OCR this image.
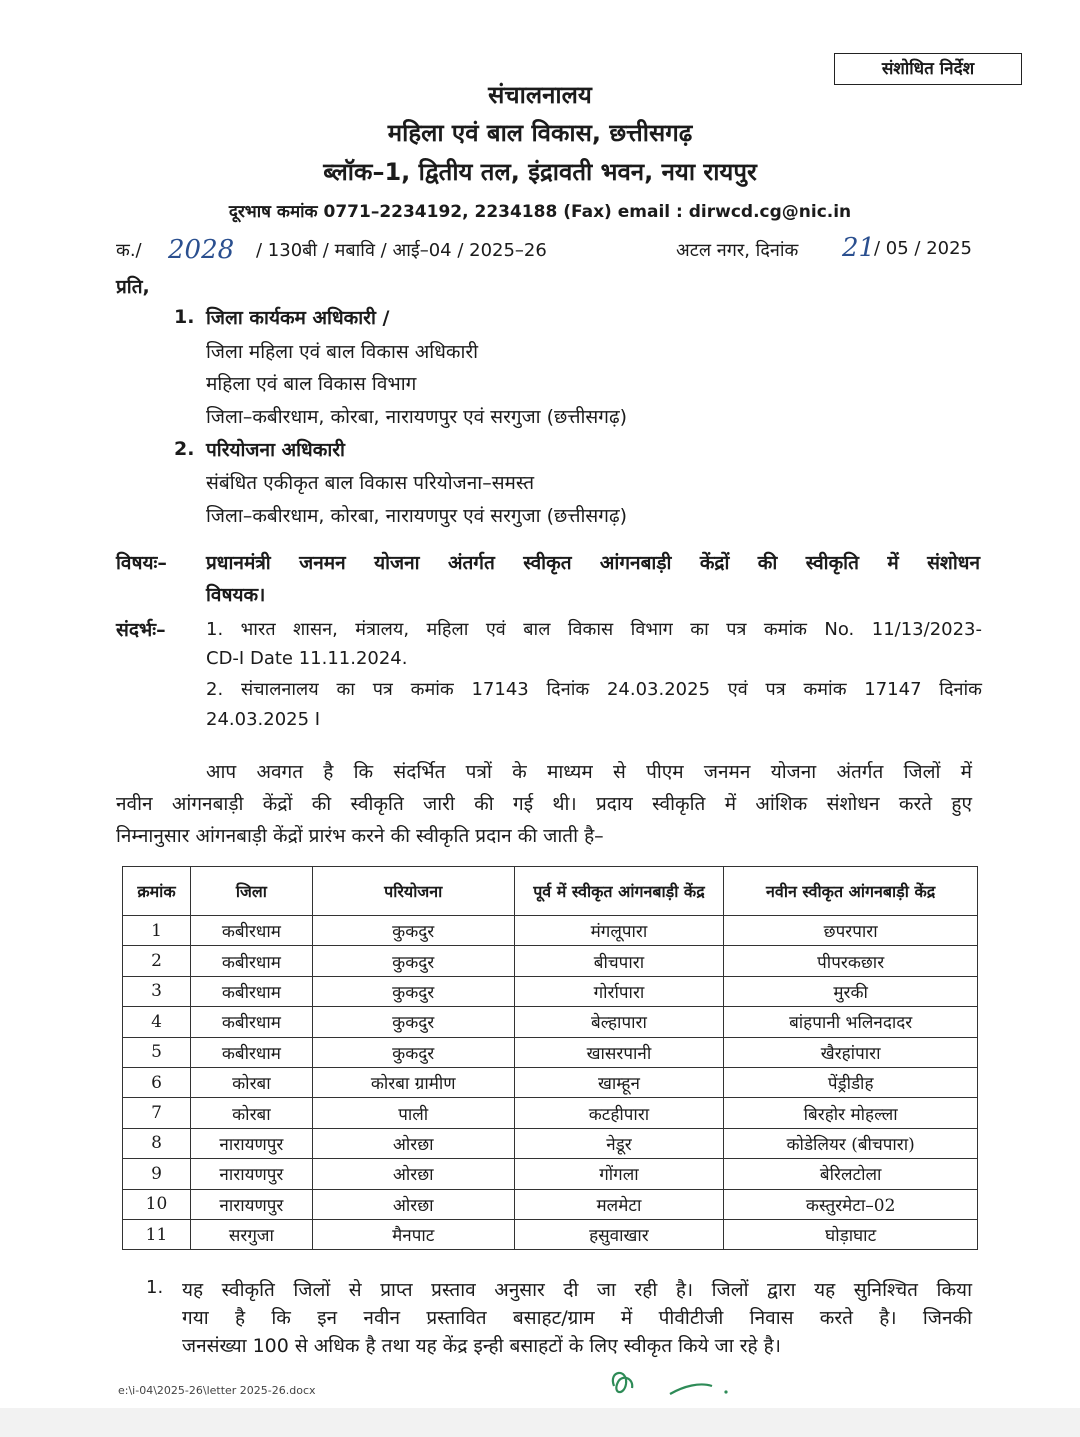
संशोधित निर्देश
संचालनालय
महिला एवं बाल विकास, छत्तीसगढ़
ब्लॉक–1, द्वितीय तल, इंद्रावती भवन, नया रायपुर
दूरभाष कमांक 0771–2234192, 2234188 (Fax) email : dirwcd.cg@nic.in
क./ 2028 / 130बी / मबावि / आई–04 / 2025–26	अटल नगर, दिनांक 21
/ 05 / 2025
प्रति,
1. जिला कार्यकम अधिकारी /
जिला महिला एवं बाल विकास अधिकारी
महिला एवं बाल विकास विभाग
जिला–कबीरधाम, कोरबा, नारायणपुर एवं सरगुजा (छत्तीसगढ़)
2. परियोजना अधिकारी
संबंधित एकीकृत बाल विकास परियोजना–समस्त
जिला–कबीरधाम, कोरबा, नारायणपुर एवं सरगुजा (छत्तीसगढ़)
विषयः– प्रधानमंत्री जनमन योजना अंतर्गत स्वीकृत आंगनबाड़ी केंद्रों की स्वीकृति में संशोधन
विषयक।
संदर्भः– 1. भारत शासन, मंत्रालय, महिला एवं बाल विकास विभाग का पत्र कमांक No. 11/13/2023-
CD-I Date 11.11.2024.
2. संचालनालय का पत्र कमांक 17143 दिनांक 24.03.2025 एवं पत्र कमांक 17147 दिनांक
24.03.2025 I
आप अवगत है कि संदर्भित पत्रों के माध्यम से पीएम जनमन योजना अंतर्गत जिलों में
नवीन आंगनबाड़ी केंद्रों की स्वीकृति जारी की गई थी। प्रदाय स्वीकृति में आंशिक संशोधन करते हुए
निम्नानुसार आंगनबाड़ी केंद्रों प्रारंभ करने की स्वीकृति प्रदान की जाती है–
क्रमांक	जिला	परियोजना	पूर्व में स्वीकृत आंगनबाड़ी केंद्र	नवीन स्वीकृत आंगनबाड़ी केंद्र
1	कबीरधाम	कुकदुर	मंगलूपारा	छपरपारा
2	कबीरधाम	कुकदुर	बीचपारा	पीपरकछार
3	कबीरधाम	कुकदुर	गोर्रापारा	मुरकी
4	कबीरधाम	कुकदुर	बेल्हापारा	बांहपानी भलिनदादर
5	कबीरधाम	कुकदुर	खासरपानी	खैरहांपारा
6	कोरबा	कोरबा ग्रामीण	खाम्हून	पेंड्रीडीह
7	कोरबा	पाली	कटहीपारा	बिरहोर मोहल्ला
8	नारायणपुर	ओरछा	नेडूर	कोडेलियर (बीचपारा)
9	नारायणपुर	ओरछा	गोंगला	बेरिलटोला
10	नारायणपुर	ओरछा	मलमेटा	कस्तुरमेटा–02
11	सरगुजा	मैनपाट	हसुवाखार	घोड़ाघाट
1. यह स्वीकृति जिलों से प्राप्त प्रस्ताव अनुसार दी जा रही है। जिलों द्वारा यह सुनिश्चित किया
गया है कि इन नवीन प्रस्तावित बसाहट/ग्राम में पीवीटीजी निवास करते है। जिनकी
जनसंख्या 100 से अधिक है तथा यह केंद्र इन्ही बसाहटों के लिए स्वीकृत किये जा रहे है।
e:\i-04\2025-26\letter 2025-26.docx
